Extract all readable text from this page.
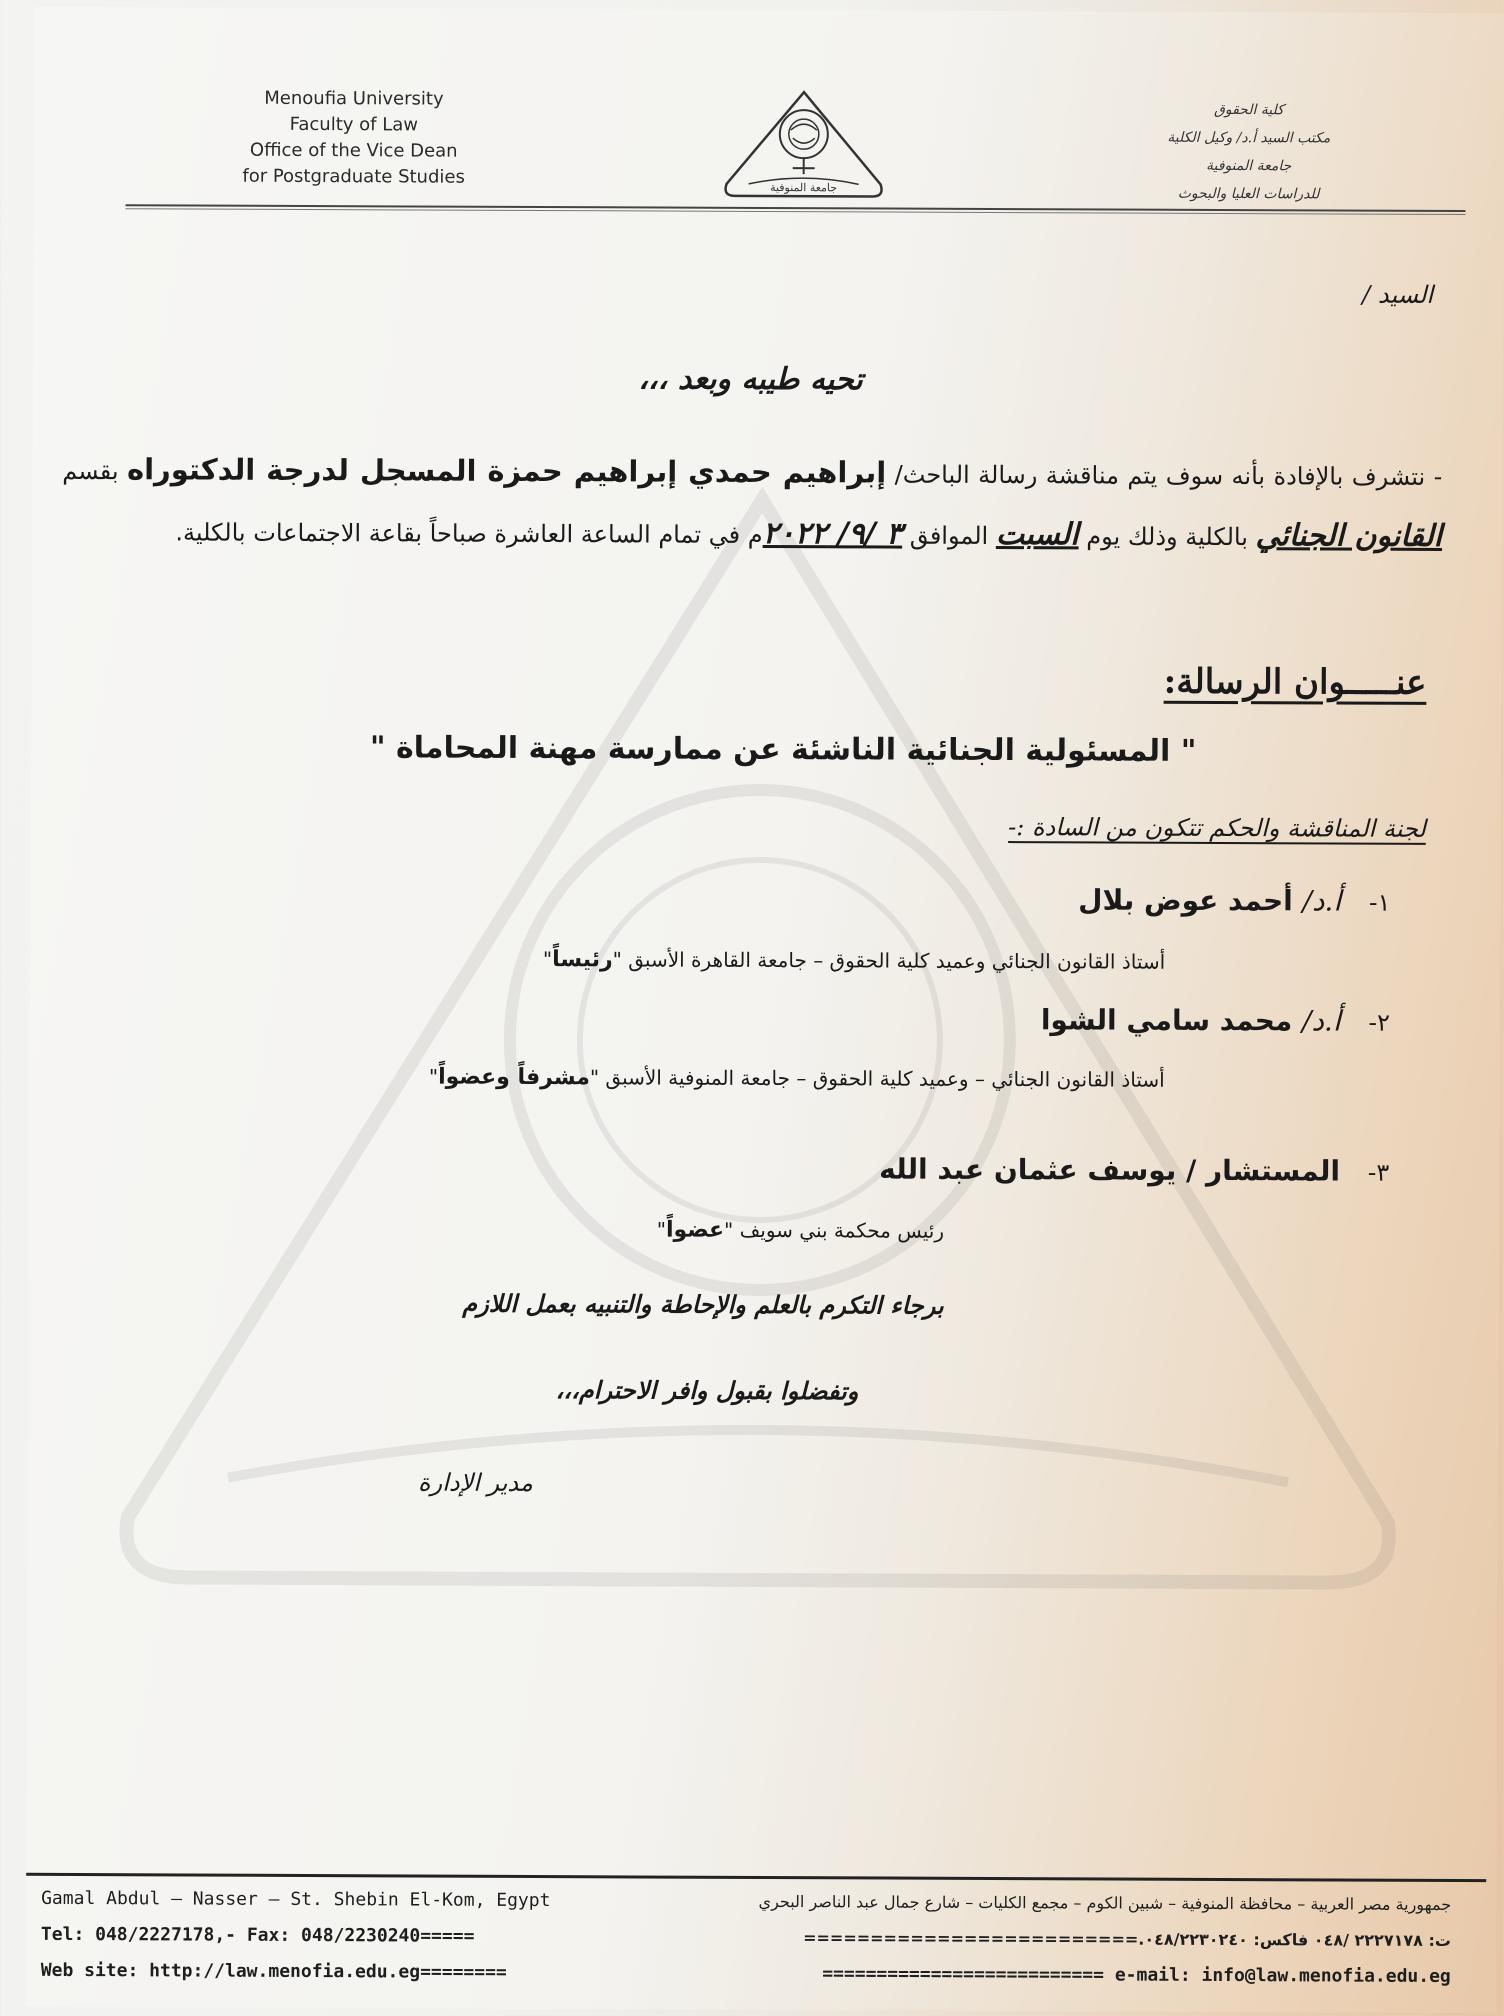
Menoufia University
Faculty of Law
Office of the Vice Dean
for Postgraduate Studies	جامعة المنوفية
كلية الحقوق
مكتب السيد أ.د/ وكيل الكلية
جامعة المنوفية
للدراسات العليا والبحوث
السيد /
تحيه طيبه وبعد ،،،
- نتشرف بالإفادة بأنه سوف يتم مناقشة رسالة الباحث/ إبراهيم حمدي إبراهيم حمزة المسجل لدرجة الدكتوراه بقسم القانون الجنائي بالكلية وذلك يوم السبت الموافق ٣ /٩/ ٢٠٢٢م في تمام الساعة العاشرة صباحاً بقاعة الاجتماعات بالكلية.
عنـــــوان الرسالة:
" المسئولية الجنائية الناشئة عن ممارسة مهنة المحاماة "
لجنة المناقشة والحكم تتكون من السادة :-
١- أ.د/ أحمد عوض بلال
أستاذ القانون الجنائي وعميد كلية الحقوق – جامعة القاهرة الأسبق "رئيساً"
٢- أ.د/ محمد سامي الشوا
أستاذ القانون الجنائي – وعميد كلية الحقوق – جامعة المنوفية الأسبق "مشرفاً وعضواً"
٣- المستشار / يوسف عثمان عبد الله
رئيس محكمة بني سويف "عضواً"
برجاء التكرم بالعلم والإحاطة والتنبيه بعمل اللازم
وتفضلوا بقبول وافر الاحترام،،،
مدير الإدارة
Gamal Abdul – Nasser – St. Shebin El-Kom, Egypt
Tel: 048/2227178,- Fax: 048/2230240=====
Web site: http://law.menofia.edu.eg========
جمهورية مصر العربية – محافظة المنوفية – شبين الكوم – مجمع الكليات – شارع جمال عبد الناصر البحري
ت: ٢٢٢٧١٧٨ /٠٤٨ فاكس: ٠٤٨/٢٢٣٠٢٤٠.=========================
========================== e-mail: info@law.menofia.edu.eg
